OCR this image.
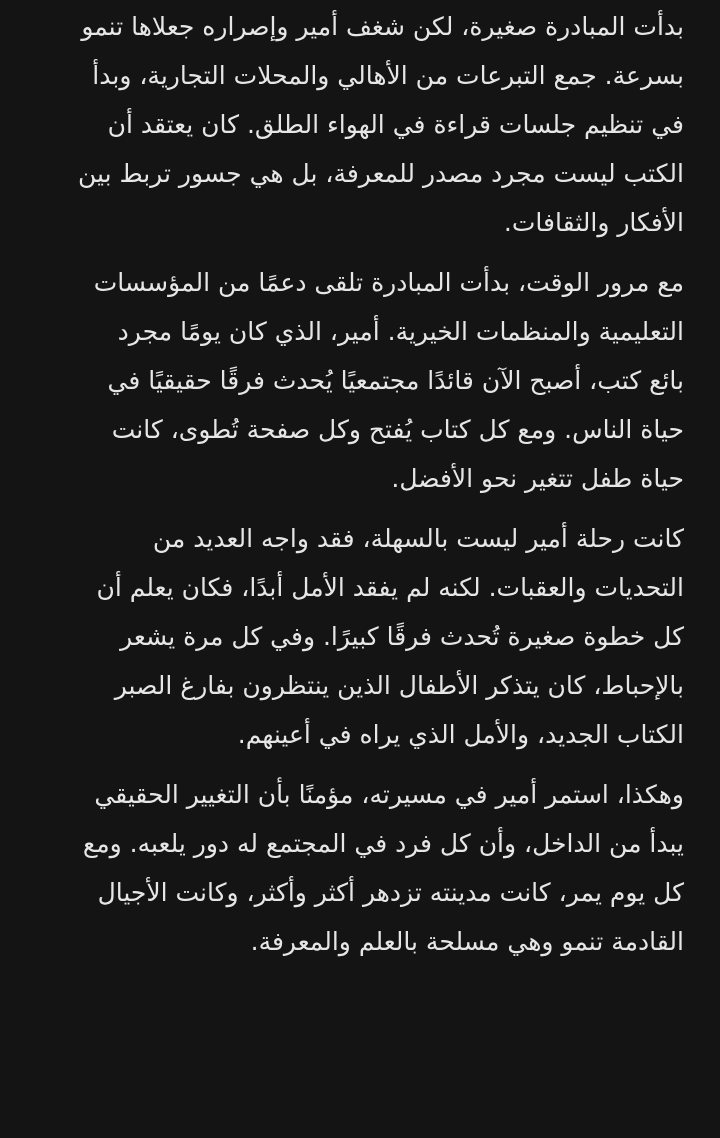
بدأت المبادرة صغيرة، لكن شغف أمير وإصراره جعلاها تنمو
بسرعة. جمع التبرعات من الأهالي والمحلات التجارية، وبدأ
في تنظيم جلسات قراءة في الهواء الطلق. كان يعتقد أن
الكتب ليست مجرد مصدر للمعرفة، بل هي جسور تربط بين
الأفكار والثقافات.

مع مرور الوقت، بدأت المبادرة تلقى دعمًا من المؤسسات
التعليمية والمنظمات الخيرية. أمير، الذي كان يومًا مجرد
بائع كتب، أصبح الآن قائدًا مجتمعيًا يُحدث فرقًا حقيقيًا في
حياة الناس. ومع كل كتاب يُفتح وكل صفحة تُطوى، كانت
حياة طفل تتغير نحو الأفضل.

كانت رحلة أمير ليست بالسهلة، فقد واجه العديد من
التحديات والعقبات. لكنه لم يفقد الأمل أبدًا، فكان يعلم أن
كل خطوة صغيرة تُحدث فرقًا كبيرًا. وفي كل مرة يشعر
بالإحباط، كان يتذكر الأطفال الذين ينتظرون بفارغ الصبر
الكتاب الجديد، والأمل الذي يراه في أعينهم.

وهكذا، استمر أمير في مسيرته، مؤمنًا بأن التغيير الحقيقي
يبدأ من الداخل، وأن كل فرد في المجتمع له دور يلعبه. ومع
كل يوم يمر، كانت مدينته تزدهر أكثر وأكثر، وكانت الأجيال
القادمة تنمو وهي مسلحة بالعلم والمعرفة.
